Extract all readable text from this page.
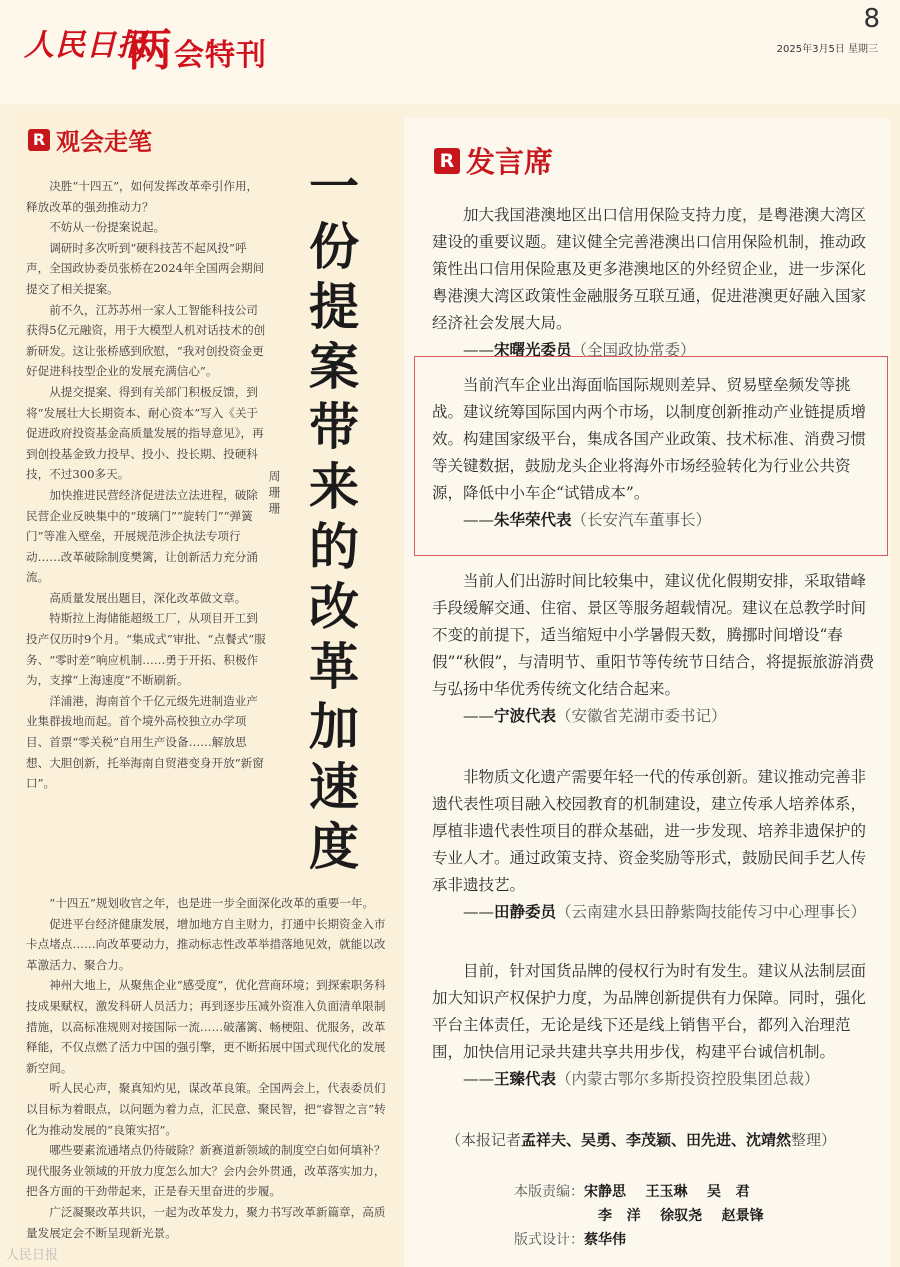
人民日报
两会特刊
8
2025年3月5日 星期三
R 观会走笔
一份提案带来的改革加速度
周珊珊

决胜“十四五”，如何发挥改革牵引作用，释放改革的强劲推动力？

不妨从一份提案说起。

调研时多次听到“硬科技苦不起风投”呼声，全国政协委员张桥在2024年全国两会期间提交了相关提案。

前不久，江苏苏州一家人工智能科技公司获得5亿元融资，用于大模型人机对话技术的创新研发。这让张桥感到欣慰，“我对创投资金更好促进科技型企业的发展充满信心”。

从提交提案、得到有关部门积极反馈，到将“发展壮大长期资本、耐心资本”写入《关于促进政府投资基金高质量发展的指导意见》，再到创投基金致力投早、投小、投长期、投硬科技，不过300多天。

加快推进民营经济促进法立法进程，破除民营企业反映集中的“玻璃门”“旋转门”“弹簧门”等准入壁垒，开展规范涉企执法专项行动……改革破除制度樊篱，让创新活力充分涌流。

高质量发展出题目，深化改革做文章。

特斯拉上海储能超级工厂，从项目开工到投产仅历时9个月。“集成式”审批、“点餐式”服务、“零时差”响应机制……勇于开拓、积极作为，支撑“上海速度”不断刷新。

洋浦港，海南首个千亿元级先进制造业产业集群拔地而起。首个境外高校独立办学项目、首票“零关税”自用生产设备……解放思想、大胆创新，托举海南自贸港变身开放“新窗口”。

“十四五”规划收官之年，也是进一步全面深化改革的重要一年。

促进平台经济健康发展，增加地方自主财力，打通中长期资金入市卡点堵点……向改革要动力，推动标志性改革举措落地见效，就能以改革激活力、聚合力。

神州大地上，从聚焦企业“感受度”，优化营商环境；到探索职务科技成果赋权，激发科研人员活力；再到逐步压减外资准入负面清单限制措施，以高标准规则对接国际一流……破藩篱、畅梗阻、优服务，改革释能，不仅点燃了活力中国的强引擎，更不断拓展中国式现代化的发展新空间。

听人民心声，聚真知灼见，谋改革良策。全国两会上，代表委员们以目标为着眼点，以问题为着力点，汇民意、聚民智，把“睿智之言”转化为推动发展的“良策实招”。

哪些要素流通堵点仍待破除？新赛道新领域的制度空白如何填补？现代服务业领域的开放力度怎么加大？会内会外贯通，改革落实加力，把各方面的干劲带起来，正是春天里奋进的步履。

广泛凝聚改革共识，一起为改革发力，聚力书写改革新篇章，高质量发展定会不断呈现新光景。

R 发言席

加大我国港澳地区出口信用保险支持力度，是粤港澳大湾区建设的重要议题。建议健全完善港澳出口信用保险机制，推动政策性出口信用保险惠及更多港澳地区的外经贸企业，进一步深化粤港澳大湾区政策性金融服务互联互通，促进港澳更好融入国家经济社会发展大局。

——宋曙光委员（全国政协常委）

当前汽车企业出海面临国际规则差异、贸易壁垒频发等挑战。建议统筹国际国内两个市场，以制度创新推动产业链提质增效。构建国家级平台，集成各国产业政策、技术标准、消费习惯等关键数据，鼓励龙头企业将海外市场经验转化为行业公共资源，降低中小车企“试错成本”。

——朱华荣代表（长安汽车董事长）

当前人们出游时间比较集中，建议优化假期安排，采取错峰手段缓解交通、住宿、景区等服务超载情况。建议在总教学时间不变的前提下，适当缩短中小学暑假天数，腾挪时间增设“春假”“秋假”，与清明节、重阳节等传统节日结合，将提振旅游消费与弘扬中华优秀传统文化结合起来。

——宁波代表（安徽省芜湖市委书记）

非物质文化遗产需要年轻一代的传承创新。建议推动完善非遗代表性项目融入校园教育的机制建设，建立传承人培养体系，厚植非遗代表性项目的群众基础，进一步发现、培养非遗保护的专业人才。通过政策支持、资金奖励等形式，鼓励民间手艺人传承非遗技艺。

——田静委员（云南建水县田静紫陶技能传习中心理事长）

目前，针对国货品牌的侵权行为时有发生。建议从法制层面加大知识产权保护力度，为品牌创新提供有力保障。同时，强化平台主体责任，无论是线下还是线上销售平台，都列入治理范围，加快信用记录共建共享共用步伐，构建平台诚信机制。

——王臻代表（内蒙古鄂尔多斯投资控股集团总裁）

（本报记者孟祥夫、吴勇、李茂颖、田先进、沈靖然整理）
本版责编：宋静思    王玉琳    吴   君
李   洋    徐驭尧    赵景锋
版式设计：蔡华伟
人民日报
